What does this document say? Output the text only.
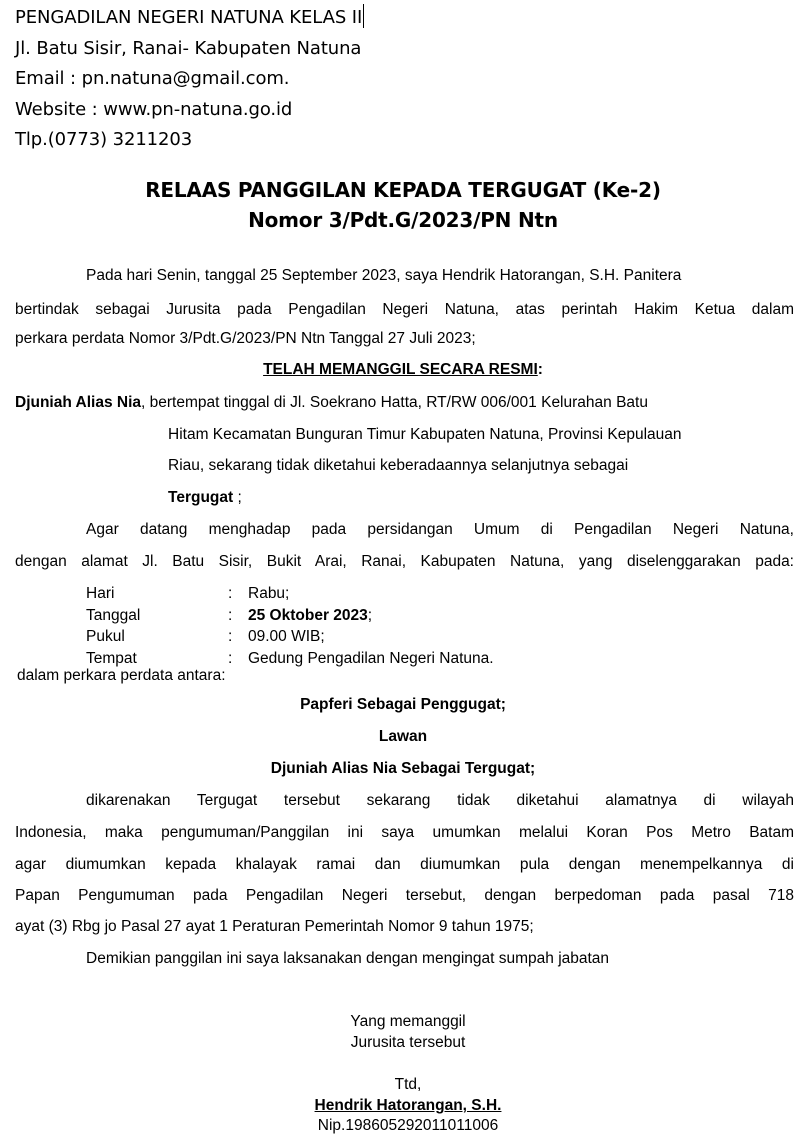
PENGADILAN NEGERI NATUNA KELAS II
Jl. Batu Sisir, Ranai- Kabupaten Natuna
Email : pn.natuna@gmail.com.
Website : www.pn-natuna.go.id
Tlp.(0773) 3211203
RELAAS PANGGILAN KEPADA TERGUGAT (Ke-2)
Nomor 3/Pdt.G/2023/PN Ntn
Pada hari Senin, tanggal 25 September 2023, saya Hendrik Hatorangan, S.H. Panitera
bertindak sebagai Jurusita pada Pengadilan Negeri Natuna, atas perintah Hakim Ketua dalam
perkara perdata Nomor 3/Pdt.G/2023/PN Ntn Tanggal 27 Juli 2023;
TELAH MEMANGGIL SECARA RESMI:
Djuniah Alias Nia, bertempat tinggal di Jl. Soekrano Hatta, RT/RW 006/001 Kelurahan Batu
Hitam Kecamatan Bunguran Timur Kabupaten Natuna, Provinsi Kepulauan
Riau, sekarang tidak diketahui keberadaannya selanjutnya sebagai
Tergugat ;
Agar datang menghadap pada persidangan Umum di Pengadilan Negeri Natuna,
dengan alamat Jl. Batu Sisir, Bukit Arai, Ranai, Kabupaten Natuna, yang diselenggarakan pada:
Hari	:	Rabu;
Tanggal	:	25 Oktober 2023 ;
Pukul	:	09.00 WIB;
Tempat	:	Gedung Pengadilan Negeri Natuna.
dalam perkara perdata antara:
Papferi Sebagai Penggugat;
Lawan
Djuniah Alias Nia Sebagai Tergugat;
dikarenakan Tergugat tersebut sekarang tidak diketahui alamatnya di wilayah
Indonesia, maka pengumuman/Panggilan ini saya umumkan melalui Koran Pos Metro Batam
agar diumumkan kepada khalayak ramai dan diumumkan pula dengan menempelkannya di
Papan Pengumuman pada Pengadilan Negeri tersebut, dengan berpedoman pada pasal 718
ayat (3) Rbg jo Pasal 27 ayat 1 Peraturan Pemerintah Nomor 9 tahun 1975;
Demikian panggilan ini saya laksanakan dengan mengingat sumpah jabatan
Yang memanggil
Jurusita tersebut
Ttd,
Hendrik Hatorangan, S.H.
Nip.198605292011011006
